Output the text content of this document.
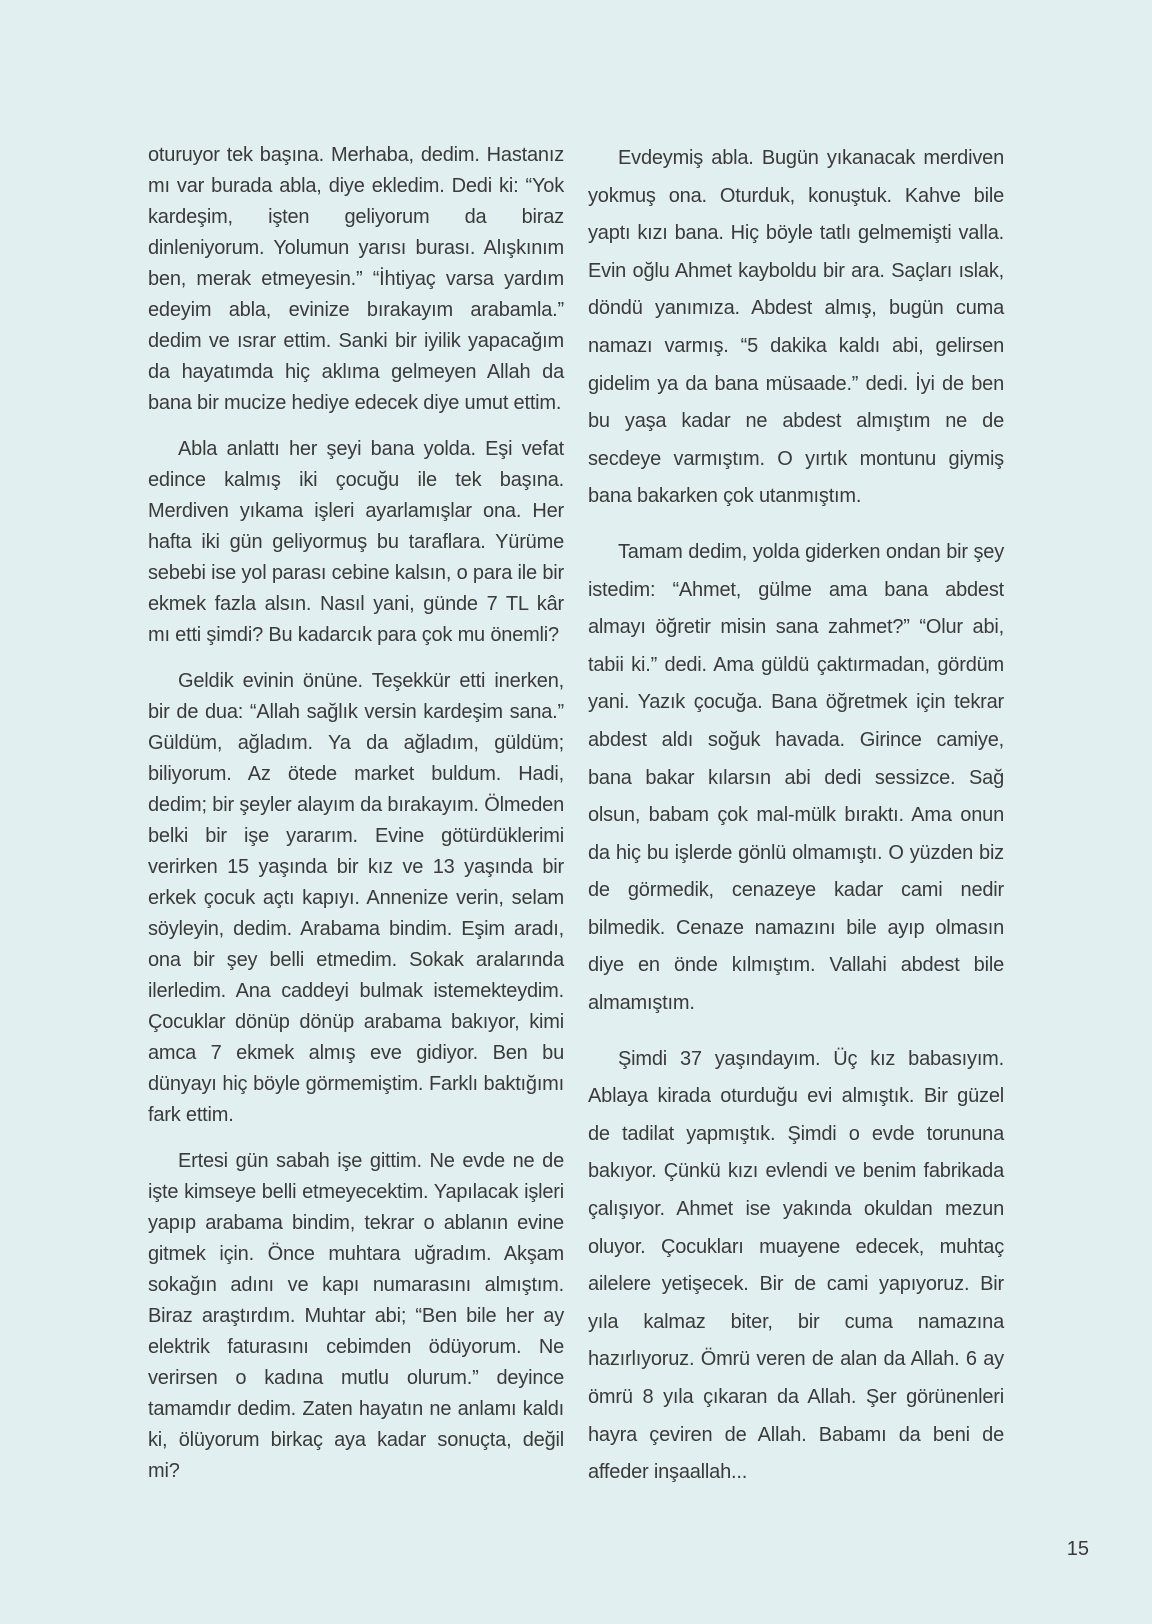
oturuyor tek başına. Merhaba, dedim. Hastanız mı var burada abla, diye ekledim. Dedi ki: “Yok kardeşim, işten geliyorum da biraz dinleniyorum. Yolumun yarısı burası. Alışkınım ben, merak etmeyesin.” “İhtiyaç varsa yardım edeyim abla, evinize bırakayım arabamla.” dedim ve ısrar ettim. Sanki bir iyilik yapacağım da hayatımda hiç aklıma gelmeyen Allah da bana bir mucize hediye edecek diye umut ettim.

Abla anlattı her şeyi bana yolda. Eşi vefat edince kalmış iki çocuğu ile tek başına. Merdiven yıkama işleri ayarlamışlar ona. Her hafta iki gün geliyormuş bu taraflara. Yürüme sebebi ise yol parası cebine kalsın, o para ile bir ekmek fazla alsın. Nasıl yani, günde 7 TL kâr mı etti şimdi? Bu kadarcık para çok mu önemli?

Geldik evinin önüne. Teşekkür etti inerken, bir de dua: “Allah sağlık versin kardeşim sana.” Güldüm, ağladım. Ya da ağladım, güldüm; biliyorum. Az ötede market buldum. Hadi, dedim; bir şeyler alayım da bırakayım. Ölmeden belki bir işe yararım. Evine götürdüklerimi verirken 15 yaşında bir kız ve 13 yaşında bir erkek çocuk açtı kapıyı. Annenize verin, selam söyleyin, dedim. Arabama bindim. Eşim aradı, ona bir şey belli etmedim. Sokak aralarında ilerledim. Ana caddeyi bulmak istemekteydim. Çocuklar dönüp dönüp arabama bakıyor, kimi amca 7 ekmek almış eve gidiyor. Ben bu dünyayı hiç böyle görmemiştim. Farklı baktığımı fark ettim.

Ertesi gün sabah işe gittim. Ne evde ne de işte kimseye belli etmeyecektim. Yapılacak işleri yapıp arabama bindim, tekrar o ablanın evine gitmek için. Önce muhtara uğradım. Akşam sokağın adını ve kapı numarasını almıştım. Biraz araştırdım. Muhtar abi; “Ben bile her ay elektrik faturasını cebimden ödüyorum. Ne verirsen o kadına mutlu olurum.” deyince tamamdır dedim. Zaten hayatın ne anlamı kaldı ki, ölüyorum birkaç aya kadar sonuçta, değil mi?

Evdeymiş abla. Bugün yıkanacak merdiven yokmuş ona. Oturduk, konuştuk. Kahve bile yaptı kızı bana. Hiç böyle tatlı gelmemişti valla. Evin oğlu Ahmet kayboldu bir ara. Saçları ıslak, döndü yanımıza. Abdest almış, bugün cuma namazı varmış. “5 dakika kaldı abi, gelirsen gidelim ya da bana müsaade.” dedi. İyi de ben bu yaşa kadar ne abdest almıştım ne de secdeye varmıştım. O yırtık montunu giymiş bana bakarken çok utanmıştım.

Tamam dedim, yolda giderken ondan bir şey istedim: “Ahmet, gülme ama bana abdest almayı öğretir misin sana zahmet?” “Olur abi, tabii ki.” dedi. Ama güldü çaktırmadan, gördüm yani. Yazık çocuğa. Bana öğretmek için tekrar abdest aldı soğuk havada. Girince camiye, bana bakar kılarsın abi dedi sessizce. Sağ olsun, babam çok mal-mülk bıraktı. Ama onun da hiç bu işlerde gönlü olmamıştı. O yüzden biz de görmedik, cenazeye kadar cami nedir bilmedik. Cenaze namazını bile ayıp olmasın diye en önde kılmıştım. Vallahi abdest bile almamıştım.

Şimdi 37 yaşındayım. Üç kız babasıyım. Ablaya kirada oturduğu evi almıştık. Bir güzel de tadilat yapmıştık. Şimdi o evde torununa bakıyor. Çünkü kızı evlendi ve benim fabrikada çalışıyor. Ahmet ise yakında okuldan mezun oluyor. Çocukları muayene edecek, muhtaç ailelere yetişecek. Bir de cami yapıyoruz. Bir yıla kalmaz biter, bir cuma namazına hazırlıyoruz. Ömrü veren de alan da Allah. 6 ay ömrü 8 yıla çıkaran da Allah. Şer görünenleri hayra çeviren de Allah. Babamı da beni de affeder inşaallah...

15
